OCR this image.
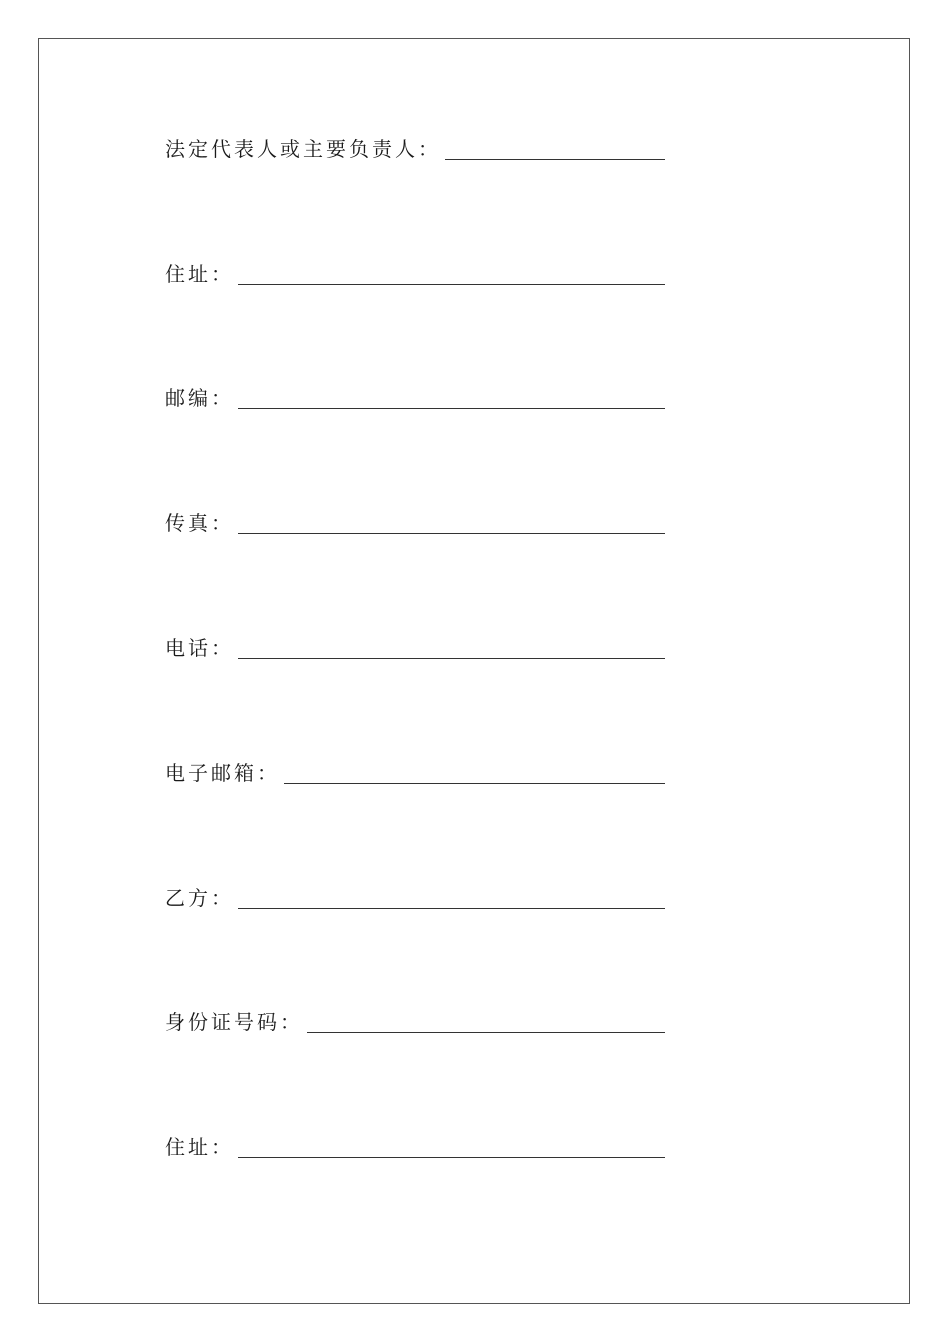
法定代表人或主要负责人：
住址：
邮编：
传真：
电话：
电子邮箱：
乙方：
身份证号码：
住址：
